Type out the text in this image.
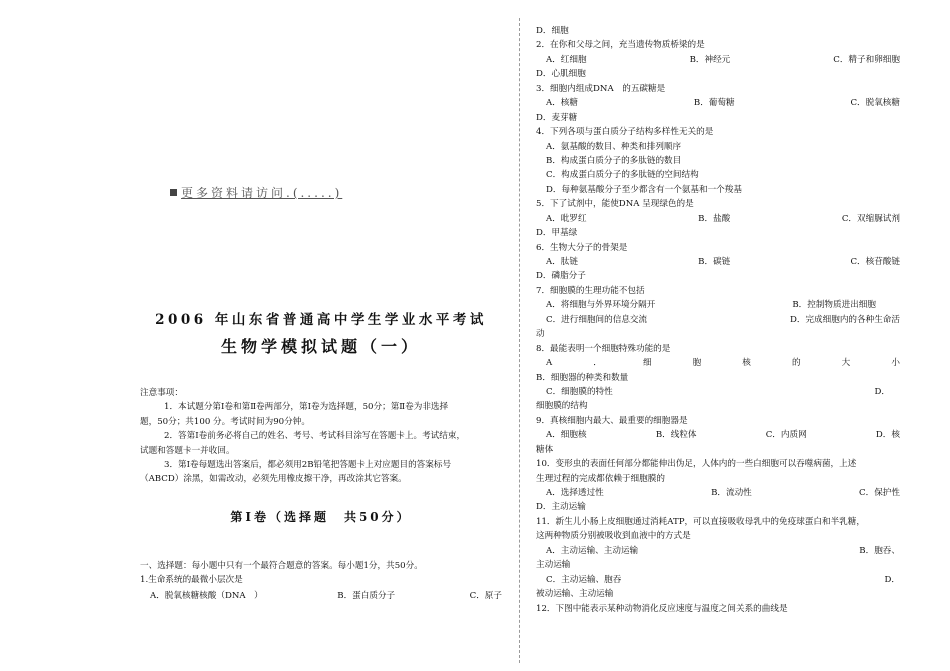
更多资料请访问.(.....)
2006 年山东省普通高中学生学业水平考试
生物学模拟试题（一）

注意事项：

1．本试题分第Ⅰ卷和第Ⅱ卷两部分，第Ⅰ卷为选择题，50分；第Ⅱ卷为非选择

题，50分；共100 分。考试时间为90分钟。

2．答第Ⅰ卷前务必将自己的姓名、考号、考试科目涂写在答题卡上。考试结束，

试题和答题卡一并收回。

3．第Ⅰ卷每题选出答案后，都必须用2B铅笔把答题卡上对应题目的答案标号

（ABCD）涂黑，如需改动，必须先用橡皮擦干净，再改涂其它答案。

第Ⅰ卷（选择题　共50分）
一、选择题：每小题中只有一个最符合题意的答案。每小题1分，共50分。
1.生命系统的最微小层次是
A．脱氧核糖核酸（DNA　）	B．蛋白质分子	C．原子
D．细胞
2．在你和父母之间，充当遗传物质桥梁的是
A．红细胞	B．神经元	C．精子和卵细胞
D．心肌细胞
3．细胞内组成DNA　的五碳糖是
A．核糖	B．葡萄糖	C．脱氧核糖
D．麦芽糖
4．下列各项与蛋白质分子结构多样性无关的是
A．氨基酸的数目、种类和排列顺序
B．构成蛋白质分子的多肽链的数目
C．构成蛋白质分子的多肽链的空间结构
D．每种氨基酸分子至少都含有一个氨基和一个羧基
5．下了试剂中，能使DNA 呈现绿色的是
A．吡罗红	B．盐酸	C．双缩脲试剂
D．甲基绿
6．生物大分子的骨架是
A．肽链	B．碳链	C．核苷酸链
D．磷脂分子
7．细胞膜的生理功能不包括
A．将细胞与外界环境分隔开	B．控制物质进出细胞
C．进行细胞间的信息交流	D．完成细胞内的各种生命活
动
8．最能表明一个细胞特殊功能的是
A	．	细	胞	核	的	大	小
B．细胞器的种类和数量
C．细胞膜的特性	D．
细胞膜的结构
9．真核细胞内最大、最重要的细胞器是
A．细胞核	B．线粒体	C．内质网	D．核
糖体
10．变形虫的表面任何部分都能伸出伪足，人体内的一些白细胞可以吞噬病菌，上述
生理过程的完成都依赖于细胞膜的
A．选择透过性	B．流动性	C．保护性
D．主动运输
11．新生儿小肠上皮细胞通过消耗ATP，可以直接吸收母乳中的免疫球蛋白和半乳糖，
这两种物质分别被吸收到血液中的方式是
A．主动运输、主动运输	B．胞吞、
主动运输
C．主动运输、胞吞	D．
被动运输、主动运输
12．下图中能表示某种动物消化反应速度与温度之间关系的曲线是
